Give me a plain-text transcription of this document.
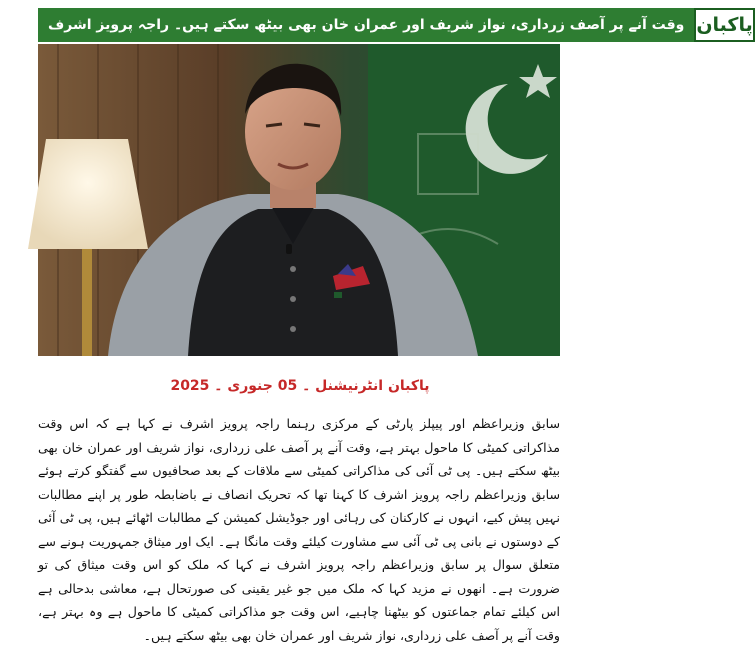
وقت آنے پر آصف زرداری، نواز شریف اور عمران خان بھی بیٹھ سکتے ہیں۔ راجہ پرویز اشرف پاکبان
پاکبان انٹرنیشنل ۔ 05 جنوری ۔ 2025
سابق وزیراعظم اور پیپلز پارٹی کے مرکزی رہنما راجہ پرویز اشرف نے کہا ہے کہ اس وقت مذاکراتی کمیٹی کا ماحول بہتر ہے، وقت آنے پر آصف علی زرداری، نواز شریف اور عمران خان بھی بیٹھ سکتے ہیں۔ پی ٹی آئی کی مذاکراتی کمیٹی سے ملاقات کے بعد صحافیوں سے گفتگو کرتے ہوئے سابق وزیراعظم راجہ پرویز اشرف کا کہنا تھا کہ تحریک انصاف نے باضابطہ طور پر اپنے مطالبات نہیں پیش کیے، انہوں نے کارکنان کی رہائی اور جوڈیشل کمیشن کے مطالبات اٹھائے ہیں، پی ٹی آئی کے دوستوں نے بانی پی ٹی آئی سے مشاورت کیلئے وقت مانگا ہے۔ ایک اور میثاق جمہوریت ہونے سے متعلق سوال پر سابق وزیراعظم راجہ پرویز اشرف نے کہا کہ ملک کو اس وقت میثاق کی تو ضرورت ہے۔ انھوں نے مزید کہا کہ ملک میں جو غیر یقینی کی صورتحال ہے، معاشی بدحالی ہے اس کیلئے تمام جماعتوں کو بیٹھنا چاہیے، اس وقت جو مذاکراتی کمیٹی کا ماحول ہے وہ بہتر ہے، وقت آنے پر آصف علی زرداری، نواز شریف اور عمران خان بھی بیٹھ سکتے ہیں۔
